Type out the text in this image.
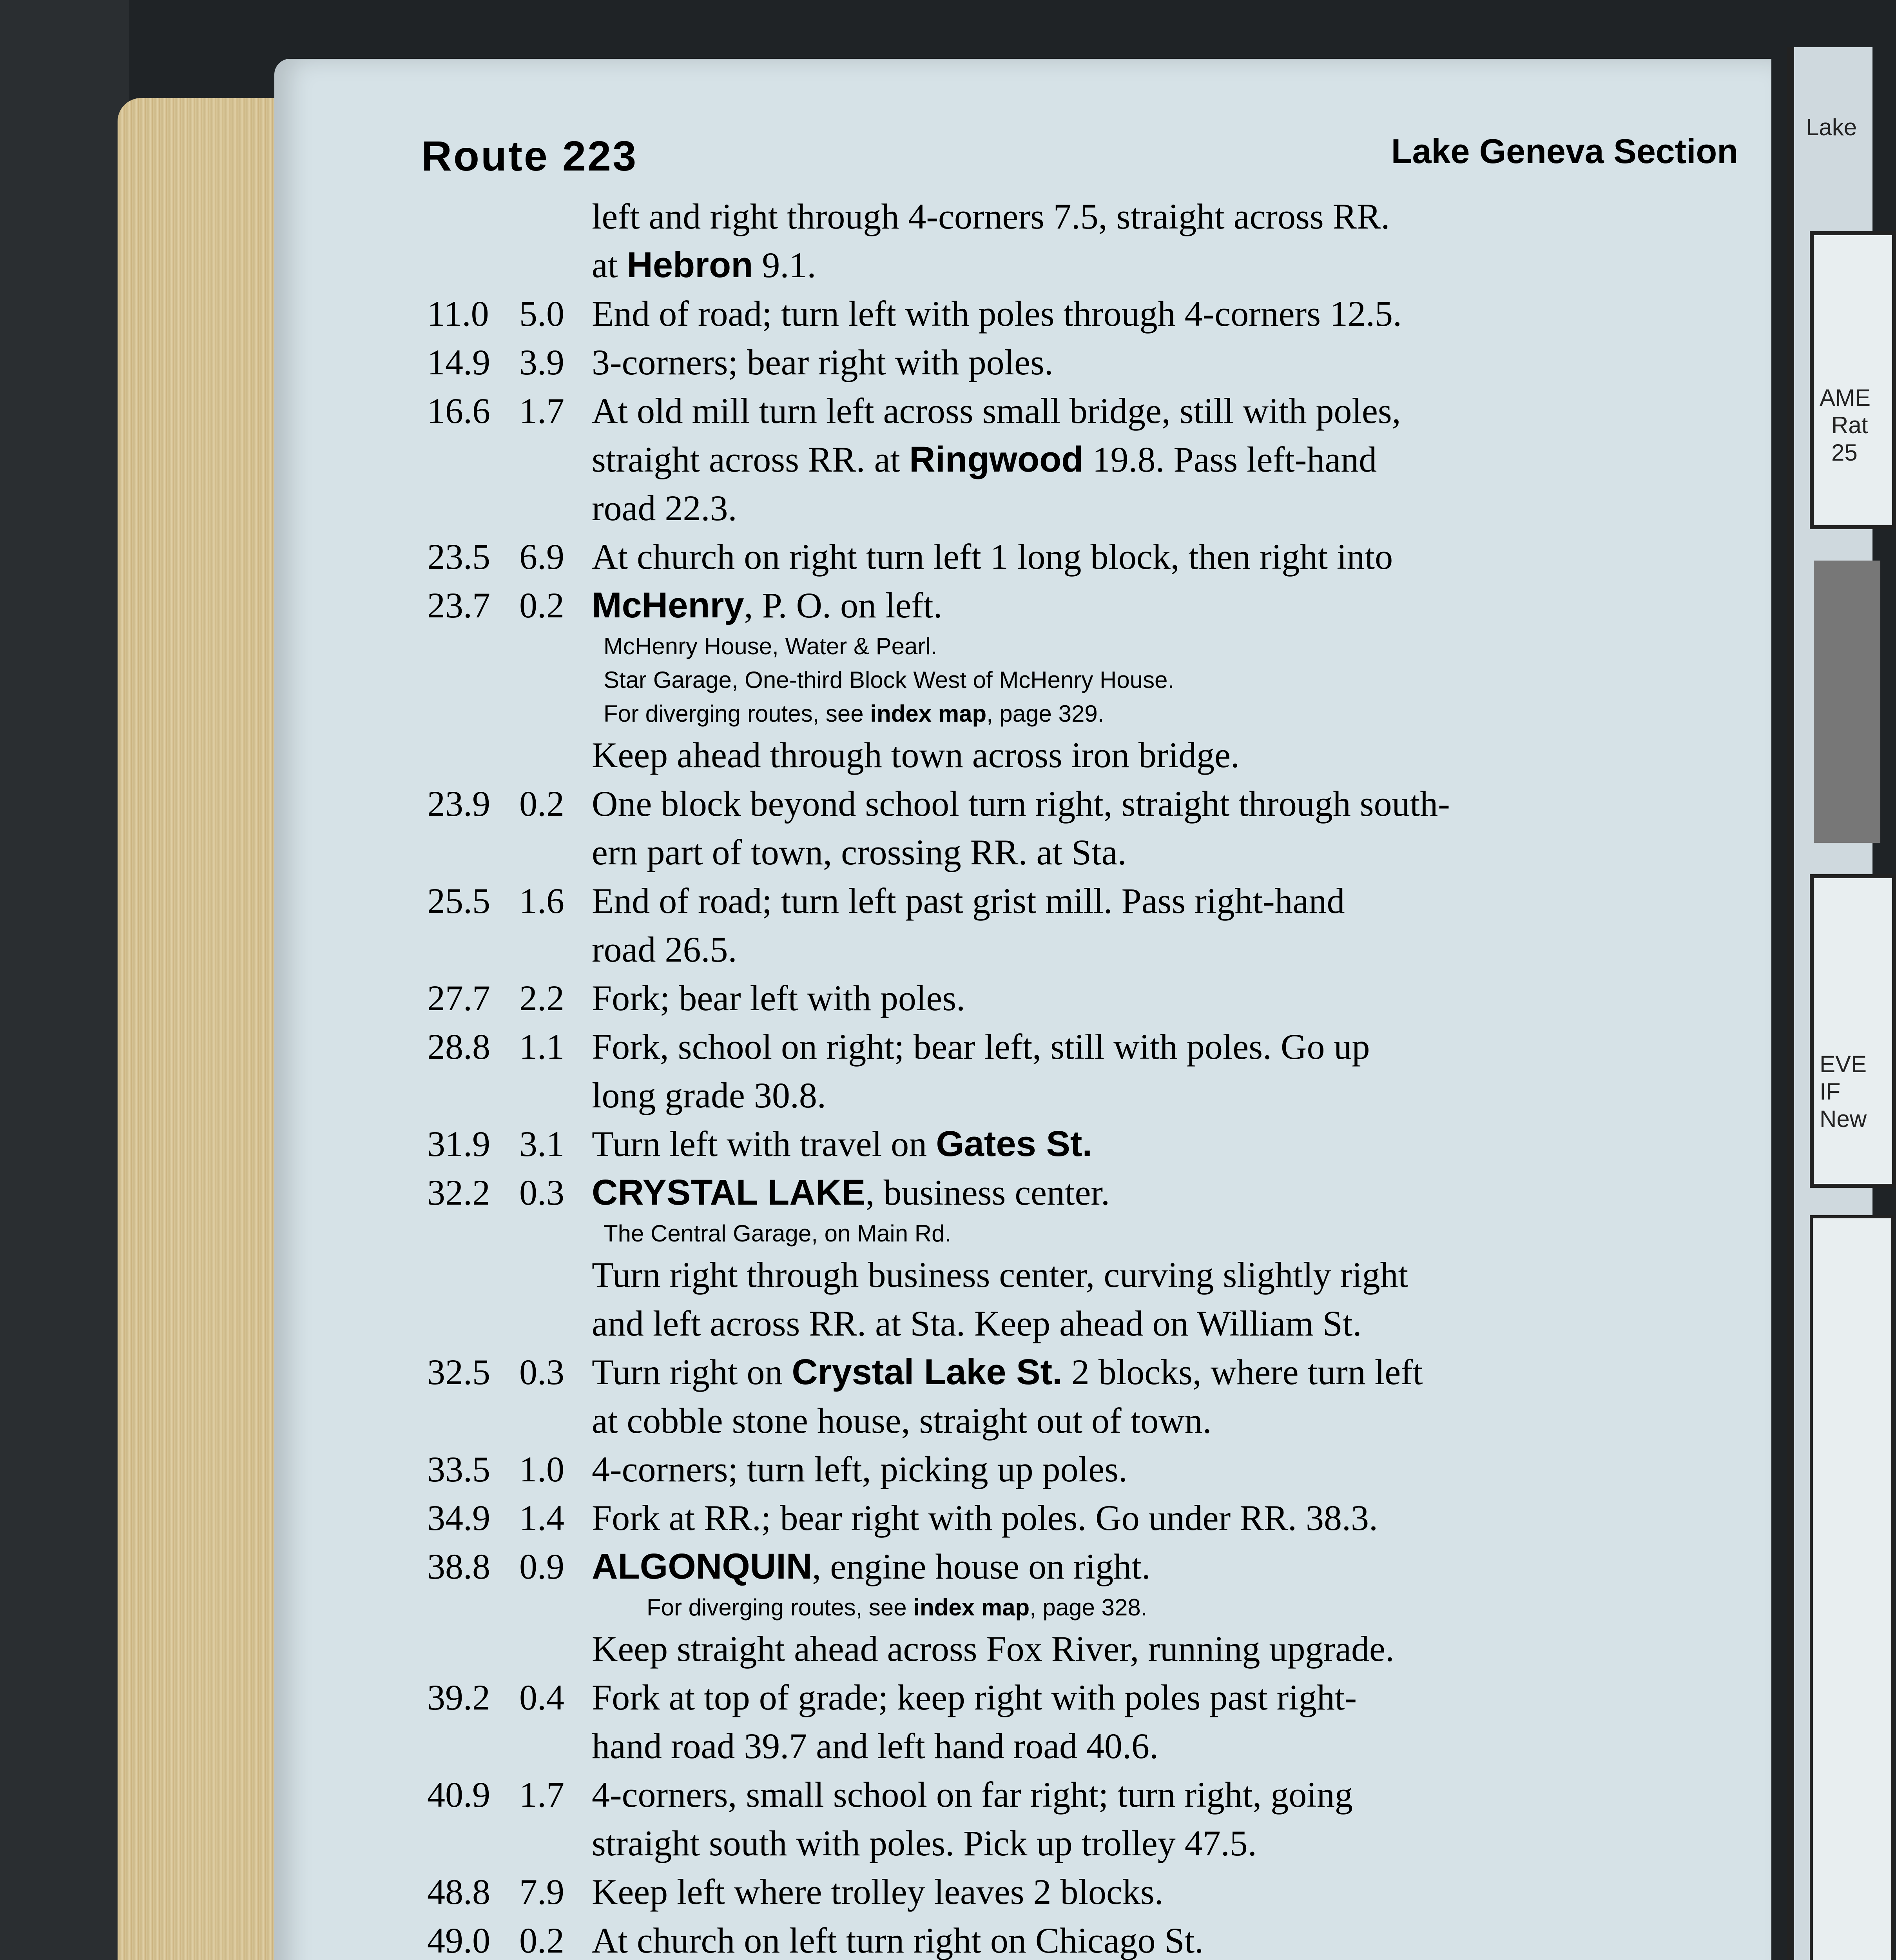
Lake
AME
Rat
25
EVE
IF
New
Route 223	Lake Geneva Section
left and right through 4-corners 7.5, straight across RR.
at Hebron 9.1.
11.0 5.0 End of road; turn left with poles through 4-corners 12.5.
14.9 3.9 3-corners; bear right with poles.
16.6 1.7 At old mill turn left across small bridge, still with poles,
straight across RR. at Ringwood 19.8. Pass left-hand
road 22.3.
23.5 6.9 At church on right turn left 1 long block, then right into
23.7 0.2 McHenry, P. O. on left.
McHenry House, Water & Pearl.
Star Garage, One-third Block West of McHenry House.
For diverging routes, see index map, page 329.
Keep ahead through town across iron bridge.
23.9 0.2 One block beyond school turn right, straight through south-
ern part of town, crossing RR. at Sta.
25.5 1.6 End of road; turn left past grist mill. Pass right-hand
road 26.5.
27.7 2.2 Fork; bear left with poles.
28.8 1.1 Fork, school on right; bear left, still with poles. Go up
long grade 30.8.
31.9 3.1 Turn left with travel on Gates St.
32.2 0.3 CRYSTAL LAKE, business center.
The Central Garage, on Main Rd.
Turn right through business center, curving slightly right
and left across RR. at Sta. Keep ahead on William St.
32.5 0.3 Turn right on Crystal Lake St. 2 blocks, where turn left
at cobble stone house, straight out of town.
33.5 1.0 4-corners; turn left, picking up poles.
34.9 1.4 Fork at RR.; bear right with poles. Go under RR. 38.3.
38.8 0.9 ALGONQUIN, engine house on right.
For diverging routes, see index map, page 328.
Keep straight ahead across Fox River, running upgrade.
39.2 0.4 Fork at top of grade; keep right with poles past right-
hand road 39.7 and left hand road 40.6.
40.9 1.7 4-corners, small school on far right; turn right, going
straight south with poles. Pick up trolley 47.5.
48.8 7.9 Keep left where trolley leaves 2 blocks.
49.0 0.2 At church on left turn right on Chicago St.
